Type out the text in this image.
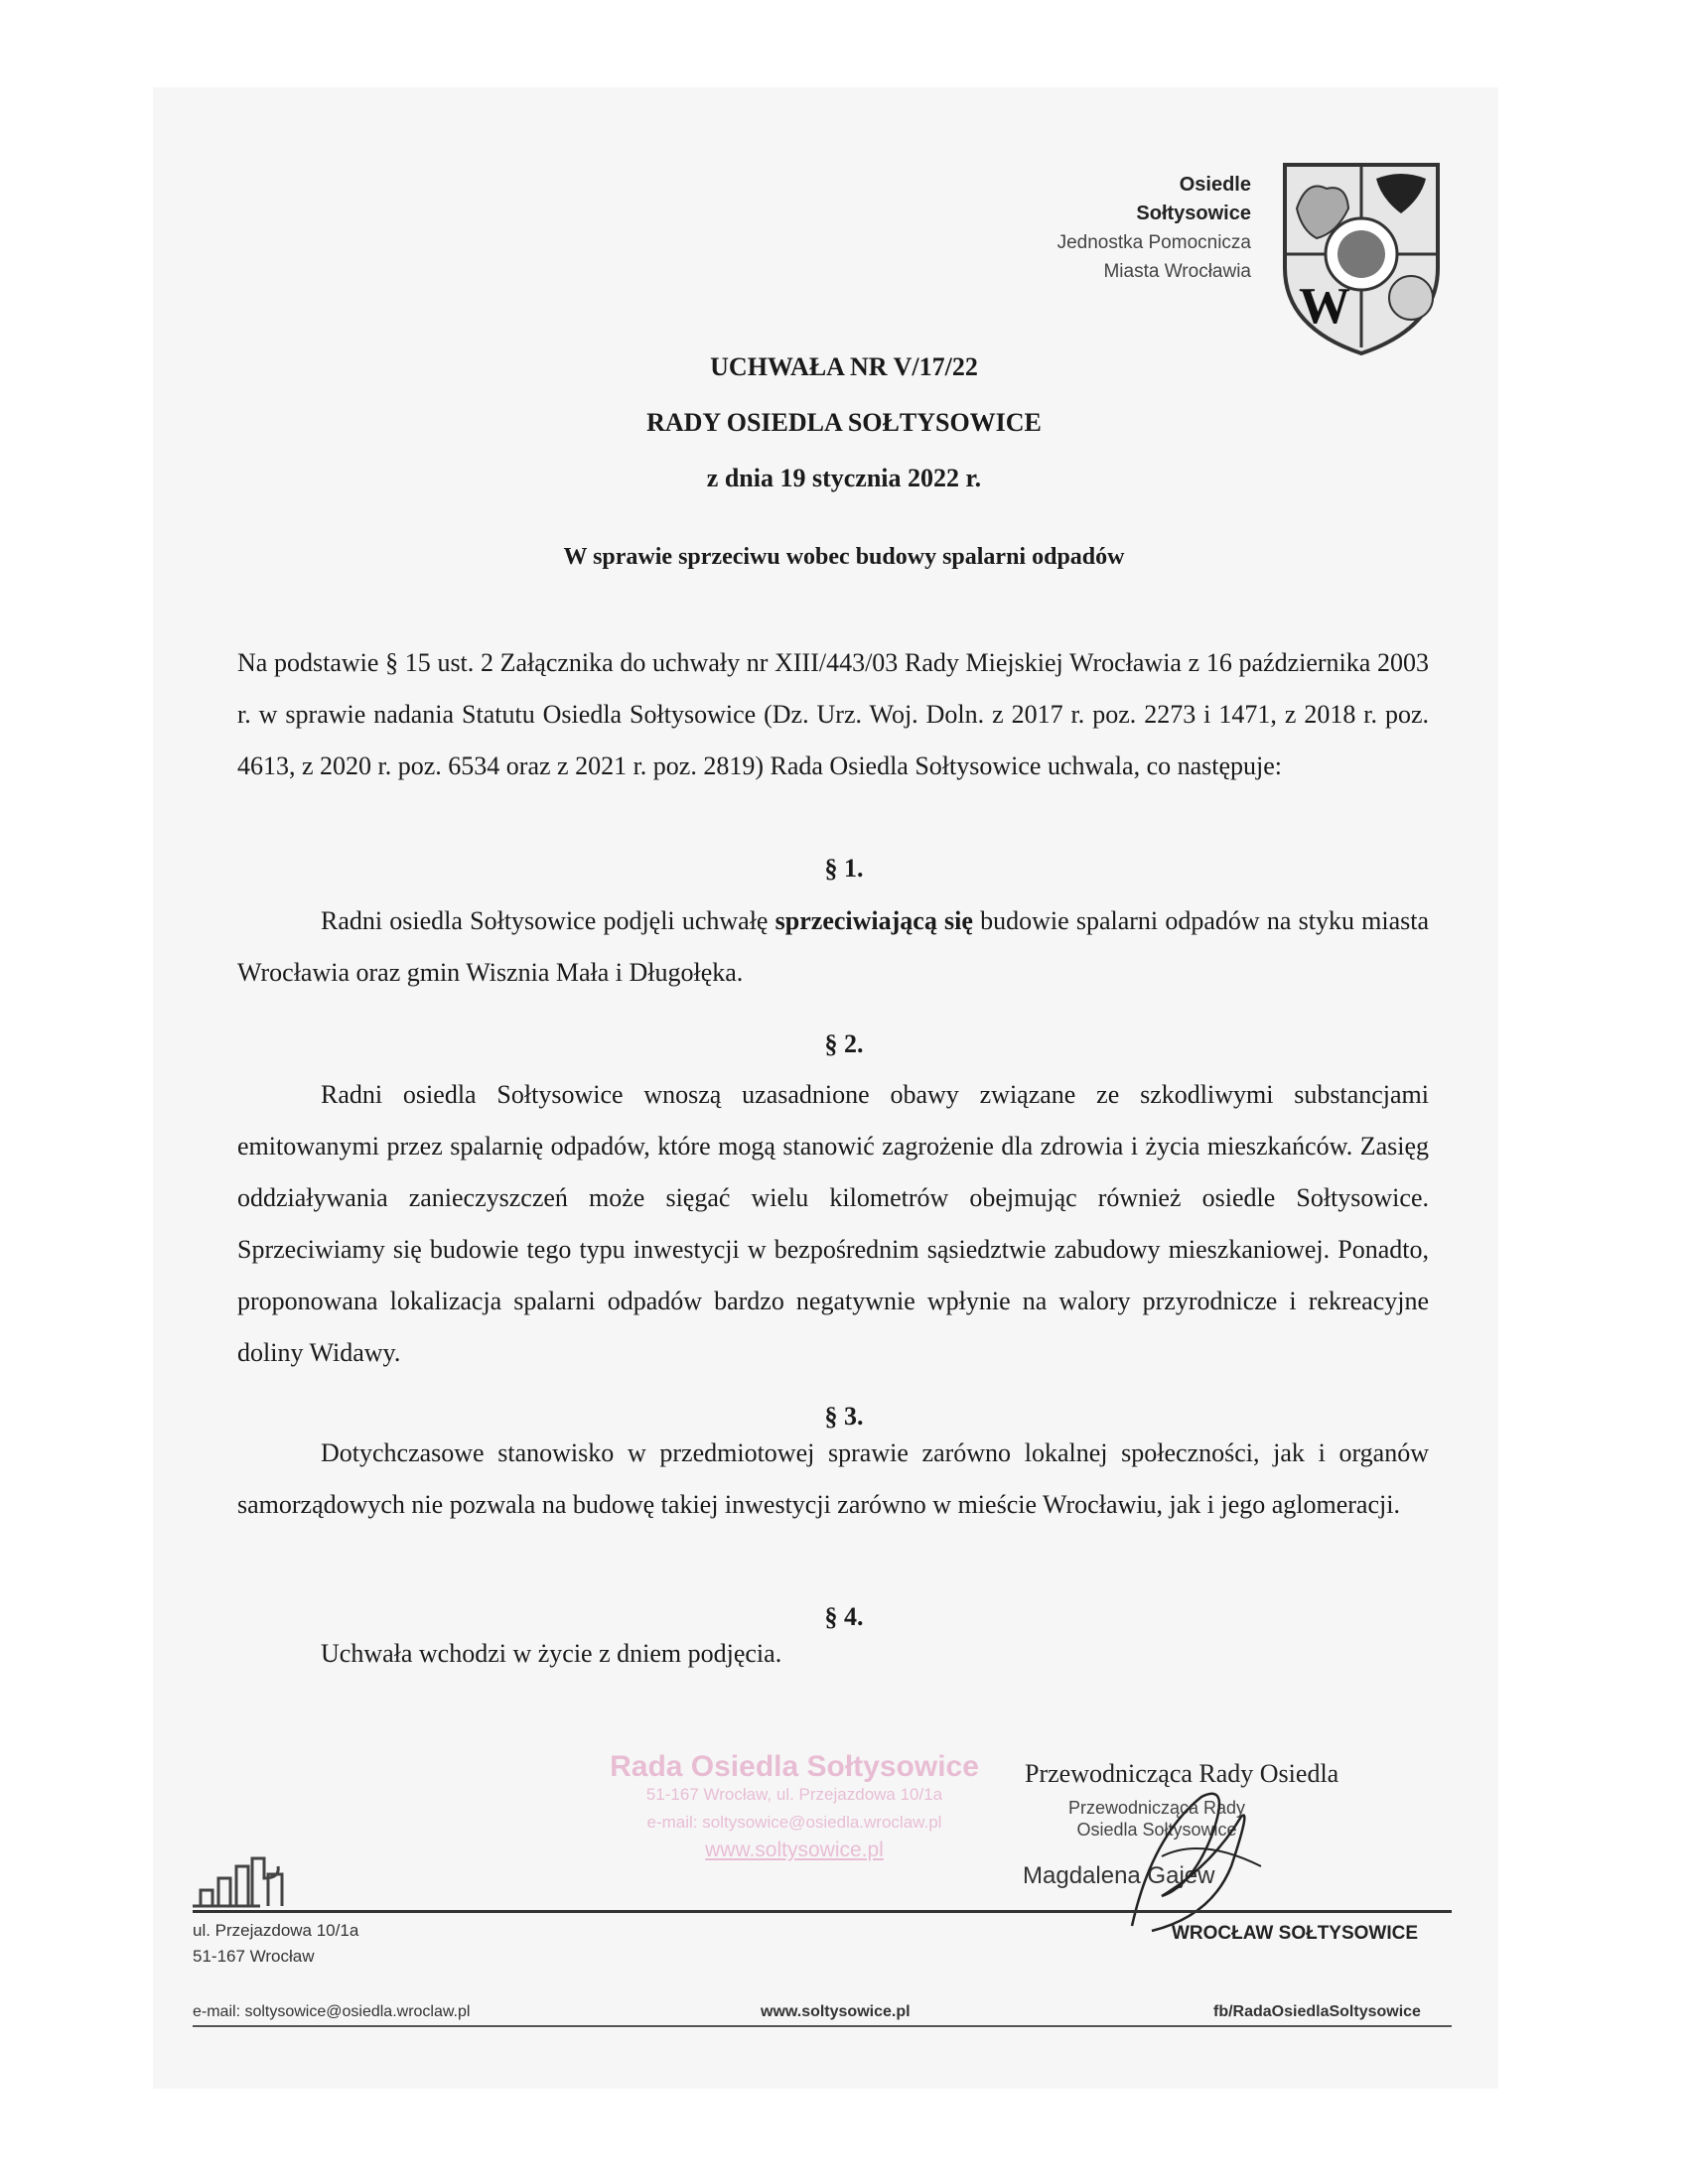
Osiedle
Sołtysowice
Jednostka Pomocnicza
Miasta Wrocławia
W
UCHWAŁA NR V/17/22
RADY OSIEDLA SOŁTYSOWICE
z dnia 19 stycznia 2022 r.
W sprawie sprzeciwu wobec budowy spalarni odpadów
Na podstawie § 15 ust. 2 Załącznika do uchwały nr XIII/443/03 Rady Miejskiej Wrocławia z 16 października 2003 r. w sprawie nadania Statutu Osiedla Sołtysowice (Dz. Urz. Woj. Doln. z 2017 r. poz. 2273 i 1471, z 2018 r. poz. 4613, z 2020 r. poz. 6534 oraz z 2021 r. poz. 2819) Rada Osiedla Sołtysowice uchwala, co następuje:
§ 1.
Radni osiedla Sołtysowice podjęli uchwałę sprzeciwiającą się budowie spalarni odpadów na styku miasta Wrocławia oraz gmin Wisznia Mała i Długołęka.
§ 2.
Radni osiedla Sołtysowice wnoszą uzasadnione obawy związane ze szkodliwymi substancjami emitowanymi przez spalarnię odpadów, które mogą stanowić zagrożenie dla zdrowia i życia mieszkańców. Zasięg oddziaływania zanieczyszczeń może sięgać wielu kilometrów obejmując również osiedle Sołtysowice. Sprzeciwiamy się budowie tego typu inwestycji w bezpośrednim sąsiedztwie zabudowy mieszkaniowej. Ponadto, proponowana lokalizacja spalarni odpadów bardzo negatywnie wpłynie na walory przyrodnicze i rekreacyjne doliny Widawy.
§ 3.
Dotychczasowe stanowisko w przedmiotowej sprawie zarówno lokalnej społeczności, jak i organów samorządowych nie pozwala na budowę takiej inwestycji zarówno w mieście Wrocławiu, jak i jego aglomeracji.
§ 4.
Uchwała wchodzi w życie z dniem podjęcia.
Rada Osiedla Sołtysowice
51-167 Wrocław, ul. Przejazdowa 10/1a
e-mail: soltysowice@osiedla.wroclaw.pl
www.soltysowice.pl
Przewodnicząca Rady Osiedla
Przewodnicząca Rady
Osiedla Sołtysowice
Magdalena Gajew
ul. Przejazdowa 10/1a
51-167 Wrocław
WROCŁAW SOŁTYSOWICE
e-mail: soltysowice@osiedla.wroclaw.pl	www.soltysowice.pl	fb/RadaOsiedlaSoltysowice
